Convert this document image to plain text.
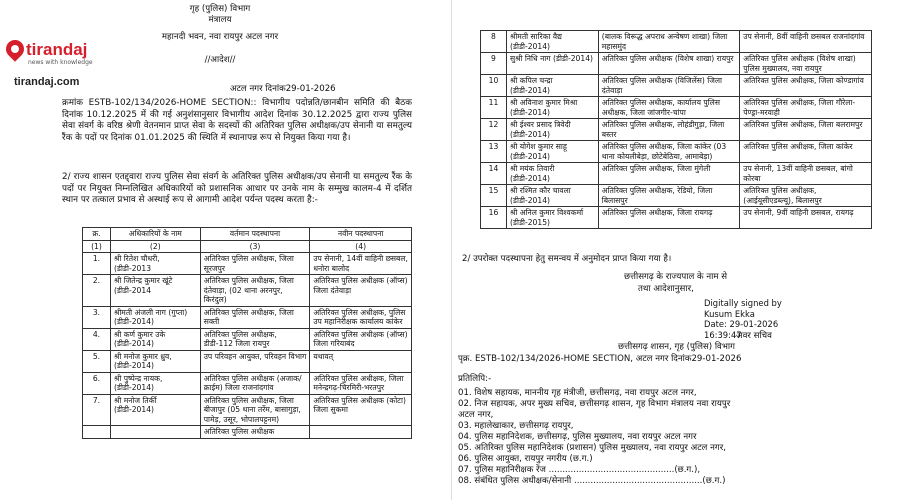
tirandaj
news with knowledge
tirandaj.com
गृह (पुलिस) विभाग
मंत्रालय
महानदी भवन, नवा रायपुर अटल नगर
//आदेश//
अटल नगर दिनांक29-01-2026
क्रमांक ESTB-102/134/2026-HOME SECTION:: विभागीय पदोन्नति/छानबीन समिति की बैठक दिनांक 10.12.2025 में की गई अनुशंसानुसार विभागीय आदेश दिनांक 30.12.2025 द्वारा राज्य पुलिस सेवा संवर्ग के वरिष्ठ श्रेणी वेतनमान प्राप्त सेवा के सदस्यों की अतिरिक्त पुलिस अधीक्षक/उप सेनानी या समतुल्य रैंक के पदों पर दिनांक 01.01.2025 की स्थिति में स्थानापन्न रूप से नियुक्त किया गया है।
2/ राज्य शासन एतद्द्वारा राज्य पुलिस सेवा संवर्ग के अतिरिक्त पुलिस अधीक्षक/उप सेनानी या समतुल्य रैंक के पदों पर नियुक्त निम्नलिखित अधिकारियों को प्रशासनिक आधार पर उनके नाम के सम्मुख कालम-4 में दर्शित स्थान पर तत्काल प्रभाव से अस्थाई रूप से आगामी आदेश पर्यन्त पदस्थ करता है:-
क्र.	अधिकारियों के नाम	वर्तमान पदस्थापना	नवीन पदस्थापना
(1)	(2)	(3)	(4)
1.	श्री रितेश चौधरी, (डीडी-2013	अतिरिक्त पुलिस अधीक्षक, जिला सूरजपुर	उप सेनानी, 14वीं वाहिनी छसबल, धनोरा बालोद
2.	श्री जितेन्द्र कुमार खूंटे (डीडी-2014	अतिरिक्त पुलिस अधीक्षक, जिला दंतेवाड़ा, (02 थाना अरनपुर, किरंदुल)	अतिरिक्त पुलिस अधीक्षक (ऑप्स) जिला दंतेवाड़ा
3.	श्रीमती अंजली नाग (गुप्ता) (डीडी-2014)	अतिरिक्त पुलिस अधीक्षक, जिला सक्ती	अतिरिक्त पुलिस अधीक्षक, पुलिस उप महानिरीक्षक कार्यालय कांकेर
4.	श्री कर्ण कुमार उके (डीडी-2014)	अतिरिक्त पुलिस अधीक्षक, डीडी-112 जिला रायपुर	अतिरिक्त पुलिस अधीक्षक (ऑप्स) जिला गरियाबंद
5.	श्री मनोज कुमार ध्रुव, (डीडी-2014)	उप परिवहन आयुक्त, परिवहन विभाग	यथावत्
6.	श्री पुष्पेन्द्र नायक, (डीडी-2014)	अतिरिक्त पुलिस अधीक्षक (अजाक/क्राईम) जिला राजनांदगांव	अतिरिक्त पुलिस अधीक्षक, जिला मनेन्द्रगढ़-चिरमिरी-भरतपुर
7.	श्री मनोज तिर्की (डीडी-2014)	अतिरिक्त पुलिस अधीक्षक, जिला बीजापुर (05 थाना तर्रेम, बासागुड़ा, पामेड़, उसूर, भोपालपट्टनम)	अतिरिक्त पुलिस अधीक्षक (कोटा) जिला सुकमा
		अतिरिक्त पुलिस अधीक्षक	
8	श्रीमती सारिका वैद्य (डीडी-2014)	(बालक विरूद्ध अपराध अन्वेषण शाखा) जिला महासमुंद	उप सेनानी, 8वीं वाहिनी छसबल राजनांदगांव
9	सुश्री निधि नाग (डीडी-2014)	अतिरिक्त पुलिस अधीक्षक (विशेष शाखा) रायपुर	अतिरिक्त पुलिस अधीक्षक (विशेष शाखा) पुलिस मुख्यालय, नवा रायपुर
10	श्री कपिल चन्द्रा (डीडी-2014)	अतिरिक्त पुलिस अधीक्षक (विजिलेंस) जिला दंतेवाड़ा	अतिरिक्त पुलिस अधीक्षक, जिला कोण्डागांव
11	श्री अविनाश कुमार मिश्रा (डीडी-2014)	अतिरिक्त पुलिस अधीक्षक, कार्यालय पुलिस अधीक्षक, जिला जांजगीर-चांपा	अतिरिक्त पुलिस अधीक्षक, जिला गौरेला-पेण्ड्रा-मरवाही
12	श्री ईश्वर प्रसाद त्रिवेदी (डीडी-2014)	अतिरिक्त पुलिस अधीक्षक, लोहंडीगुड़ा, जिला बस्तर	अतिरिक्त पुलिस अधीक्षक, जिला बलरामपुर
13	श्री योगेश कुमार साहू (डीडी-2014)	अतिरिक्त पुलिस अधीक्षक, जिला कांकेर (03 थाना कोयलीबेड़ा, छोटेबेठिया, आमाबेड़ा)	अतिरिक्त पुलिस अधीक्षक, जिला कांकेर
14	श्री मयंक तिवारी (डीडी-2014)	अतिरिक्त पुलिस अधीक्षक, जिला मुंगेली	उप सेनानी, 13वीं वाहिनी छसबल, बांगो कोरबा
15	श्री रश्मित कौर चावला (डीडी-2014)	अतिरिक्त पुलिस अधीक्षक, रेडियो, जिला बिलासपुर	अतिरिक्त पुलिस अधीक्षक, (आईयूसीएडब्ल्यू), बिलासपुर
16	श्री अनिल कुमार विश्वकर्मा (डीडी-2015)	अतिरिक्त पुलिस अधीक्षक, जिला रायगढ़	उप सेनानी, 9वीं वाहिनी छसबल, रायगढ़
2/ उपरोक्त पदस्थापना हेतु समन्वय में अनुमोदन प्राप्त किया गया है।
छत्तीसगढ़ के राज्यपाल के नाम से
तथा आदेशानुसार,
Digitally signed by
Kusum Ekka
Date: 29-01-2026
16:39:47
अवर सचिव
छत्तीसगढ़ शासन, गृह (पुलिस) विभाग
पृक्र. ESTB-102/134/2026-HOME SECTION, अटल नगर दिनांक29-01-2026
प्रतिलिपि:-
01. विशेष सहायक, माननीय गृह मंत्रीजी, छत्तीसगढ़, नवा रायपुर अटल नगर,
02. निज सहायक, अपर मुख्य सचिव, छत्तीसगढ़ शासन, गृह विभाग मंत्रालय नवा रायपुर
अटल नगर,
03. महालेखाकार, छत्तीसगढ़ रायपुर,
04. पुलिस महानिदेशक, छत्तीसगढ़, पुलिस मुख्यालय, नवा रायपुर अटल नगर
05. अतिरिक्त पुलिस महानिदेशक (प्रशासन) पुलिस मुख्यालय, नवा रायपुर अटल नगर,
06. पुलिस आयुक्त, रायपुर नगरीय (छ.ग.)
07. पुलिस महानिरीक्षक रेंज ..............................................(छ.ग.),
08. संबंधित पुलिस अधीक्षक/सेनानी ...............................................(छ.ग.)
